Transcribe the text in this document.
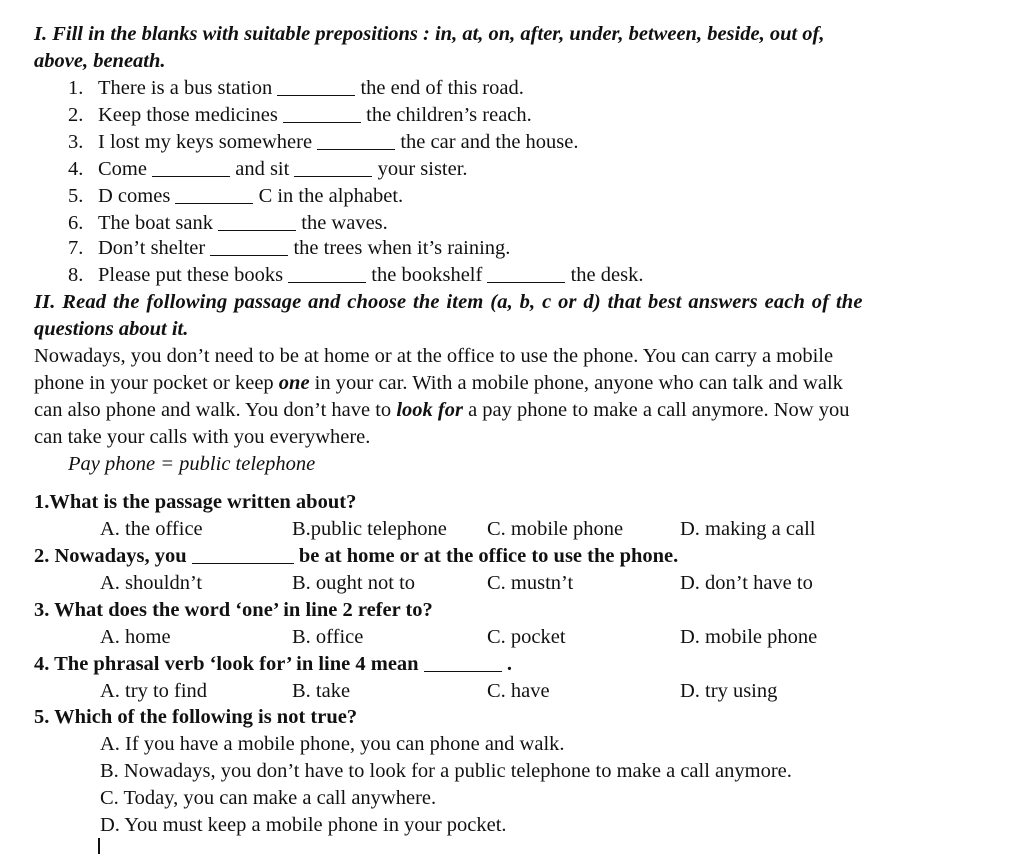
I. Fill in the blanks with suitable prepositions : in, at, on, after, under, between, beside, out of,
above, beneath.
1. There is a bus station	the end of this road.
2. Keep those medicines	the children’s reach.
3. I lost my keys somewhere	the car and the house.
4. Come	and sit	your sister.
5. D comes	C in the alphabet.
6. The boat sank	the waves.
7. Don’t shelter	the trees when it’s raining.
8. Please put these books	the bookshelf	the desk.
II. Read the following passage and choose the item (a, b, c or d) that best answers each of the
questions about it.
Nowadays, you don’t need to be at home or at the office to use the phone. You can carry a mobile
phone in your pocket or keep one in your car. With a mobile phone, anyone who can talk and walk
can also phone and walk. You don’t have to look for a pay phone to make a call anymore. Now you
can take your calls with you everywhere.
Pay phone = public telephone
1.What is the passage written about?
A. the office	B.public telephone C. mobile phone	D. making a call
2. Nowadays, you	be at home or at the office to use the phone.
A. shouldn’t	B. ought not to	C. mustn’t	D. don’t have to
3. What does the word ‘one’ in line 2 refer to?
A. home	B. office	C. pocket	D. mobile phone
4. The phrasal verb ‘look for’ in line 4 mean	.
A. try to find	B. take	C. have	D. try using
5. Which of the following is not true?
A. If you have a mobile phone, you can phone and walk.
B. Nowadays, you don’t have to look for a public telephone to make a call anymore.
C. Today, you can make a call anywhere.
D. You must keep a mobile phone in your pocket.
